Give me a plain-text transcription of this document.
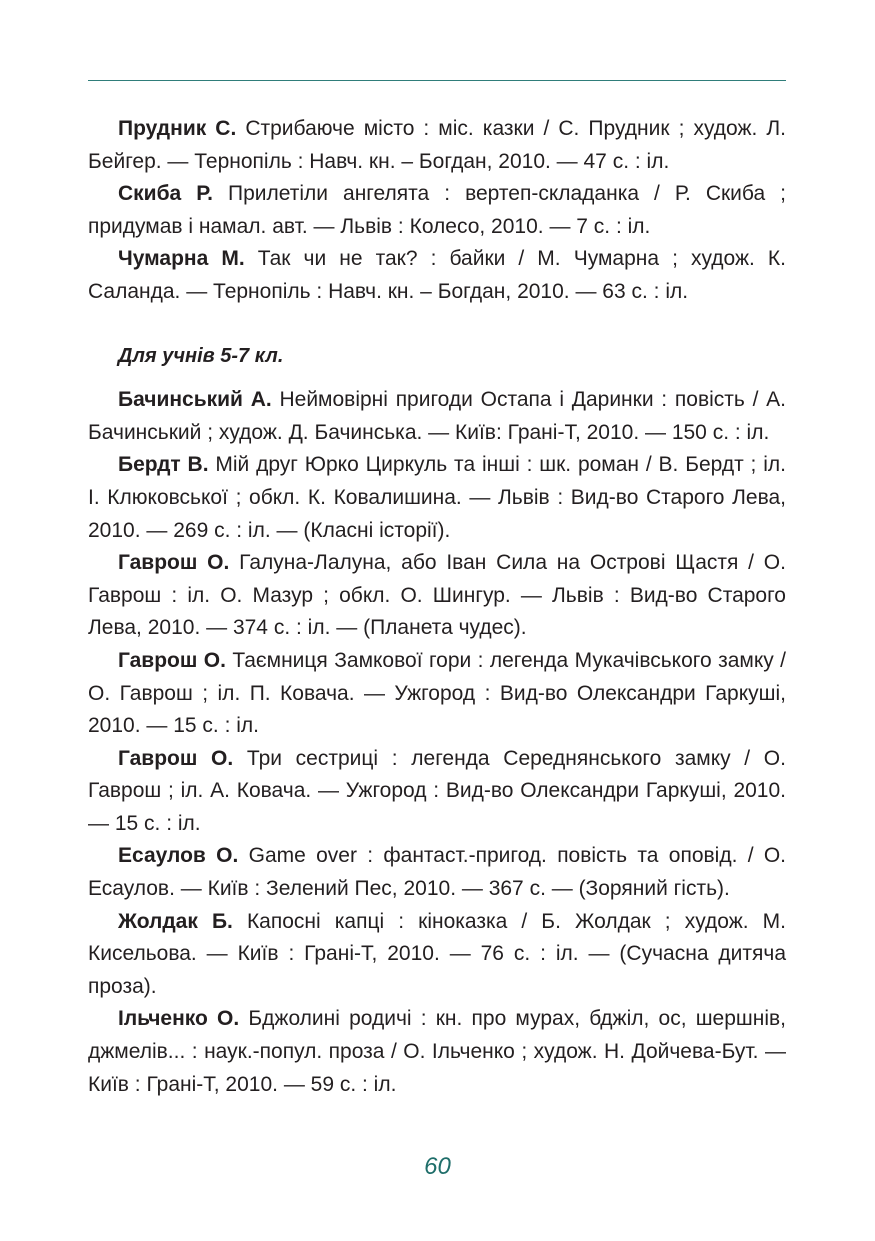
Прудник С. Стрибаюче місто : міс. казки / С. Прудник ; худож. Л. Бейгер. — Тернопіль : Навч. кн. – Богдан, 2010. — 47 с. : іл.

Скиба Р. Прилетіли ангелята : вертеп-складанка / Р. Скиба ; придумав і намал. авт. — Львів : Колесо, 2010. — 7 с. : іл.

Чумарна М. Так чи не так? : байки / М. Чумарна ; худож. К. Саланда. — Тернопіль : Навч. кн. – Богдан, 2010. — 63 с. : іл.

Для учнів 5-7 кл.

Бачинський А. Неймовірні пригоди Остапа і Даринки : повість / А. Бачинський ; худож. Д. Бачинська. — Київ: Грані-Т, 2010. — 150 с. : іл.

Бердт В. Мій друг Юрко Циркуль та інші : шк. роман / В. Бердт ; іл. І. Клюковської ; обкл. К. Ковалишина. — Львів : Вид-во Старого Лева, 2010. — 269 с. : іл. — (Класні історії).

Гаврош О. Галуна-Лалуна, або Іван Сила на Острові Щастя / О. Гаврош : іл. О. Мазур ; обкл. О. Шингур. — Львів : Вид-во Старого Лева, 2010. — 374 с. : іл. — (Планета чудес).

Гаврош О. Таємниця Замкової гори : легенда Мукачівського замку / О. Гаврош ; іл. П. Ковача. — Ужгород : Вид-во Олександри Гаркуші, 2010. — 15 с. : іл.

Гаврош О. Три сестриці : легенда Середнянського замку / О. Гаврош ; іл. А. Ковача. — Ужгород : Вид-во Олександри Гаркуші, 2010. — 15 с. : іл.

Есаулов О. Game over : фантаст.-пригод. повість та оповід. / О. Есаулов. — Київ : Зелений Пес, 2010. — 367 с. — (Зоряний гість).

Жолдак Б. Капосні капці : кіноказка / Б. Жолдак ; худож. М. Кисельова. — Київ : Грані-Т, 2010. — 76 с. : іл. — (Сучасна дитяча проза).

Ільченко О. Бджолині родичі : кн. про мурах, бджіл, ос, шершнів, джмелів... : наук.-попул. проза / О. Ільченко ; худож. Н. Дойчева-Бут. — Київ : Грані-Т, 2010. — 59 с. : іл.

60
